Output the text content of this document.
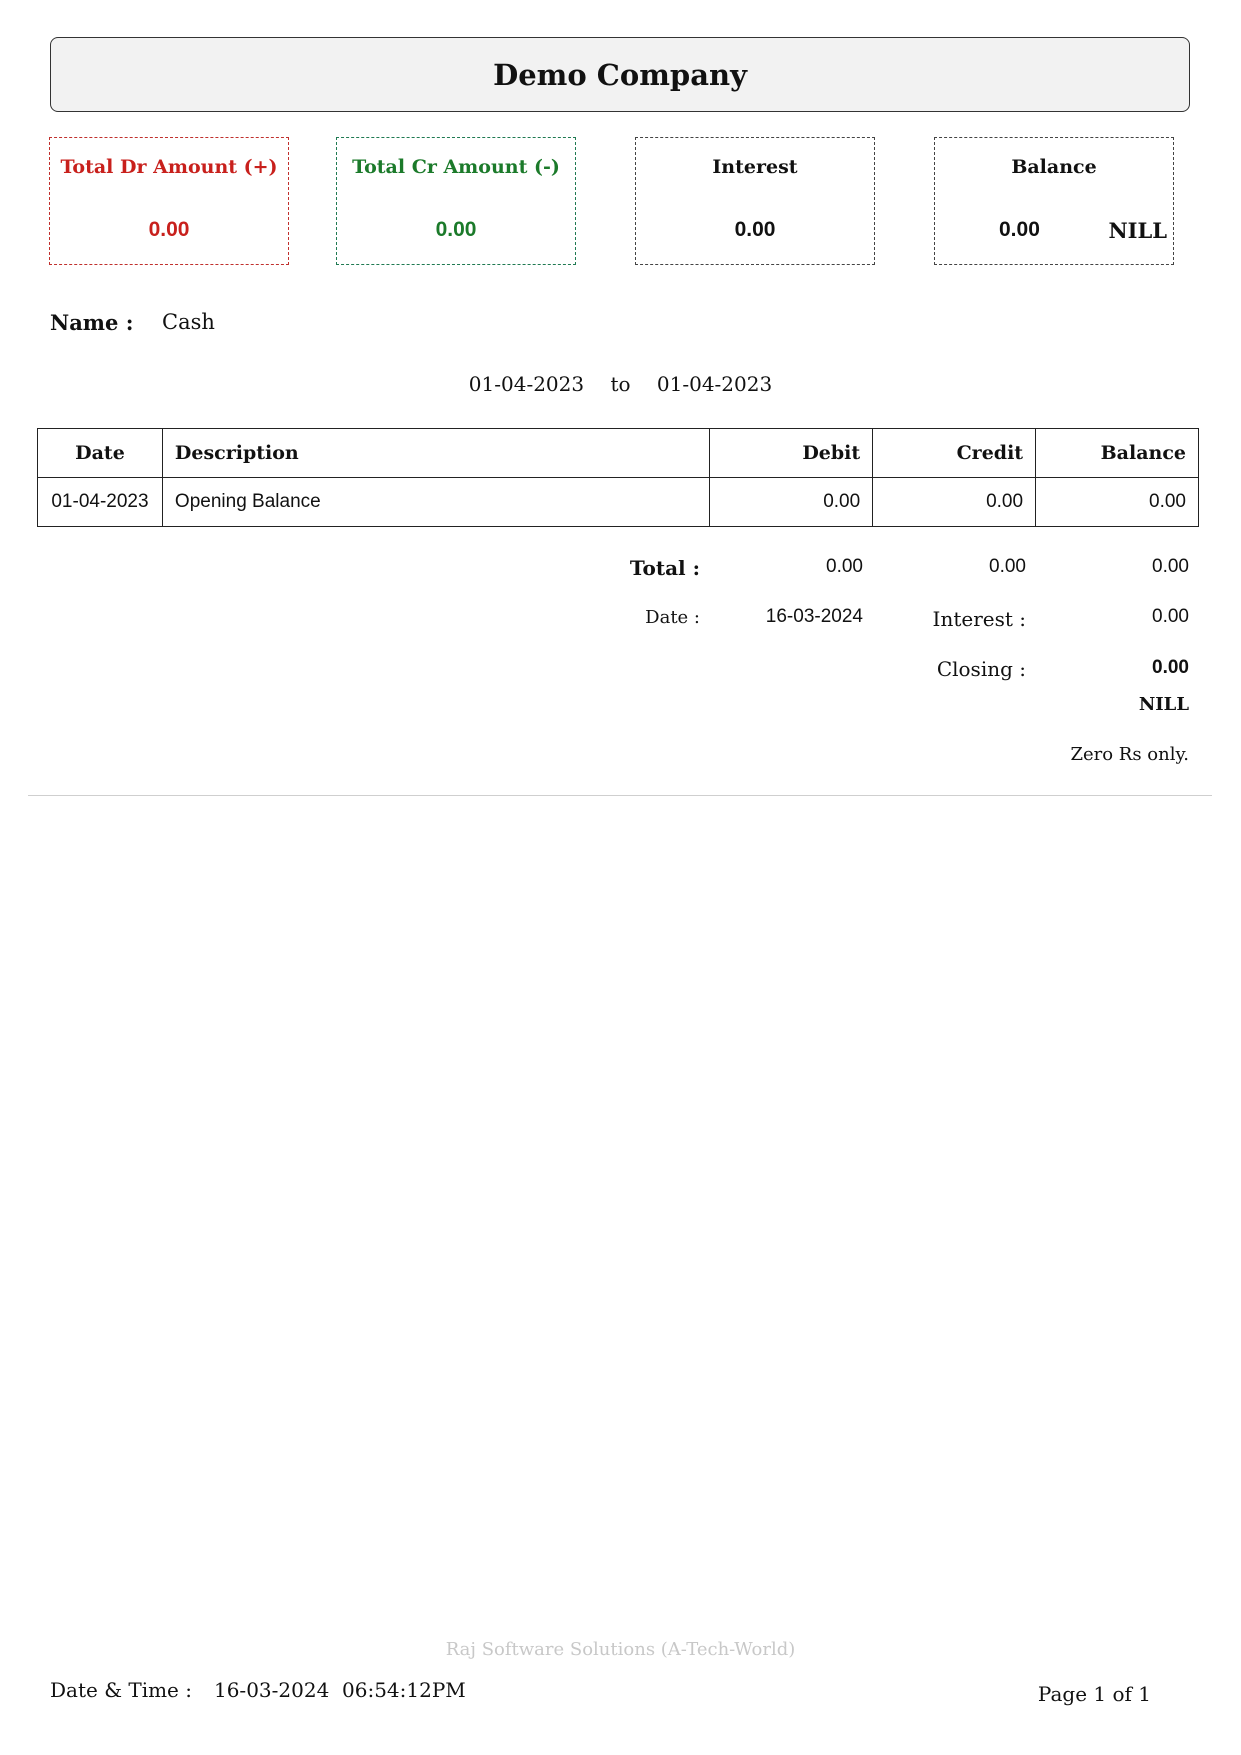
Demo Company
Total Dr Amount (+)
0.00
Total Cr Amount (-)
0.00
Interest
0.00
Balance
0.00	NILL
Name : Cash
01-04-2023 to 01-04-2023
Date	Description	Debit	Credit	Balance
01-04-2023	Opening Balance	0.00	0.00	0.00
Total :	0.00	0.00	0.00
Date :	16-03-2024	Interest :	0.00
Closing :	0.00
NILL
Zero Rs only.
Raj Software Solutions (A-Tech-World)
Date & Time : 16-03-2024  06:54:12PM	Page 1 of 1
